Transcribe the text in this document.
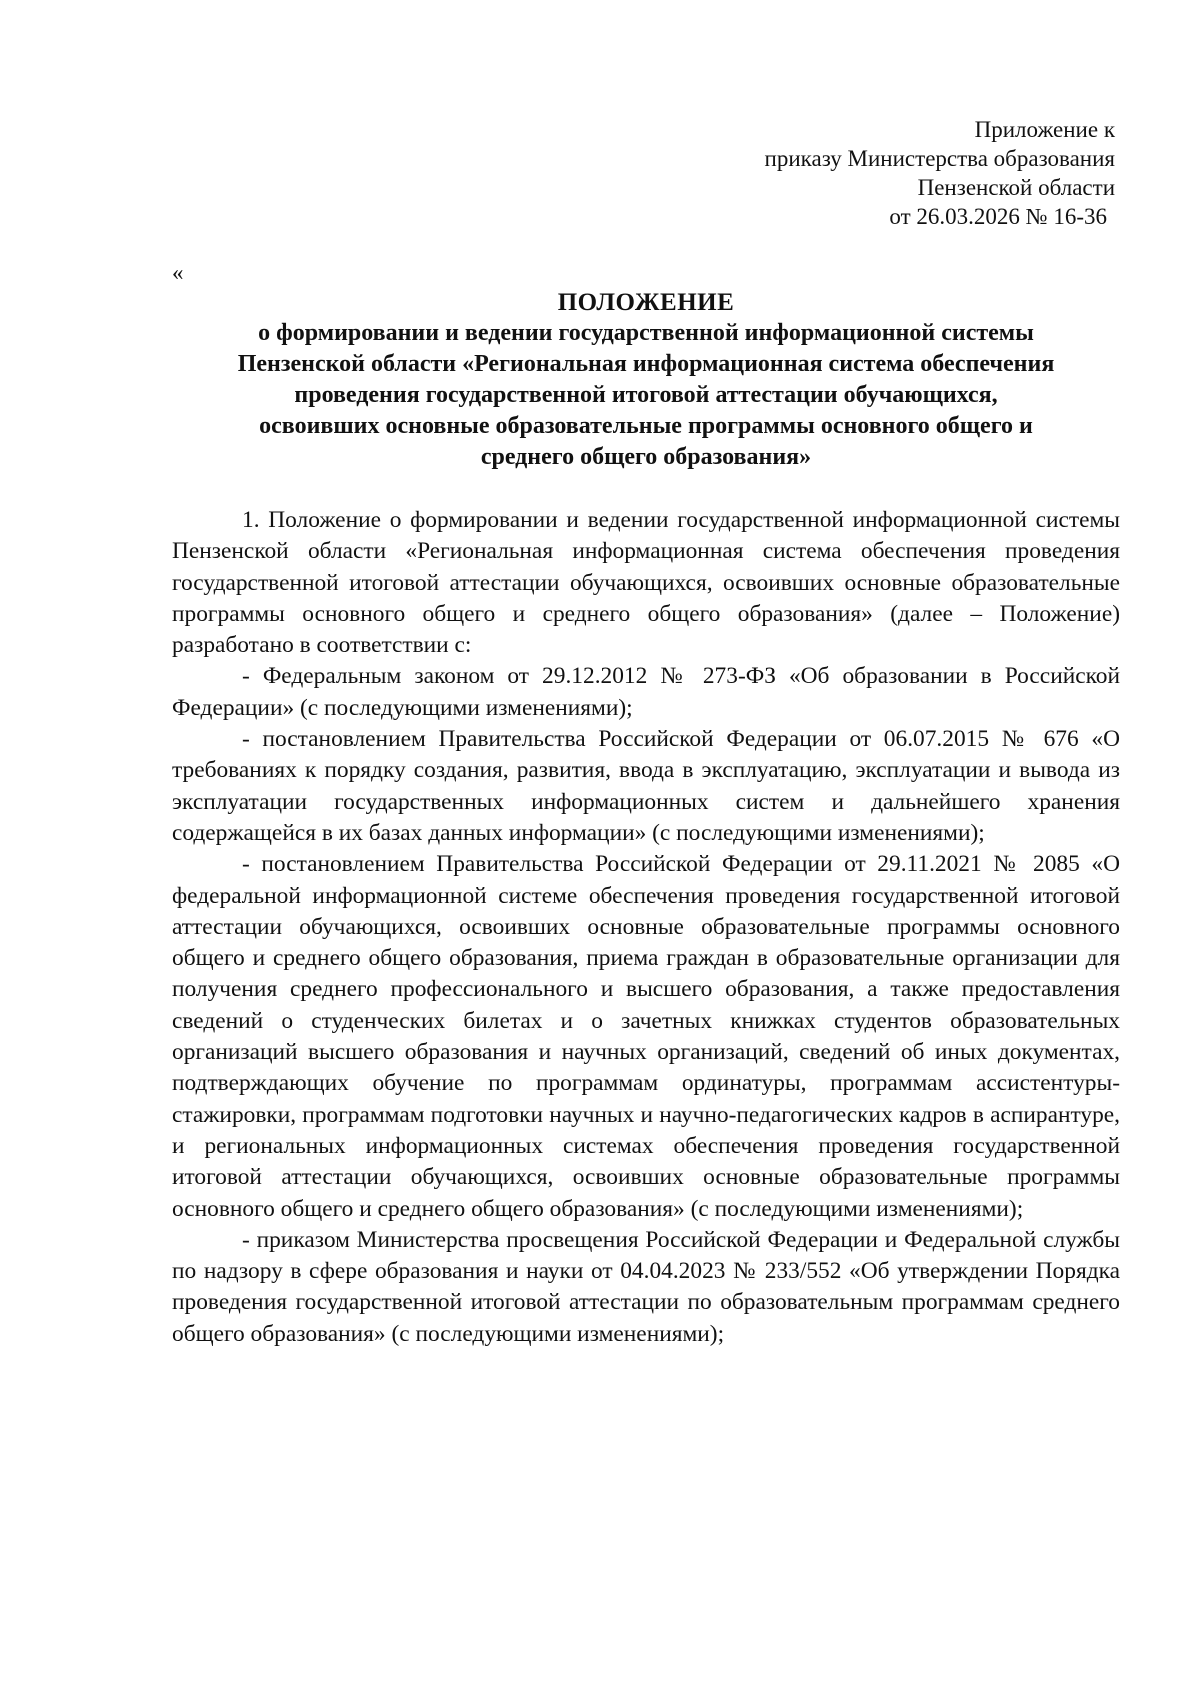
Приложение к
приказу Министерства образования
Пензенской области
от 26.03.2026 № 16-36
«
ПОЛОЖЕНИЕ
о формировании и ведении государственной информационной системы
Пензенской области «Региональная информационная система обеспечения
проведения государственной итоговой аттестации обучающихся,
освоивших основные образовательные программы основного общего и
среднего общего образования»

1. Положение о формировании и ведении государственной информационной системы Пензенской области «Региональная информационная система обеспечения проведения государственной итоговой аттестации обучающихся, освоивших основные образовательные программы основного общего и среднего общего образования» (далее – Положение) разработано в соответствии с:

- Федеральным законом от 29.12.2012 № 273-ФЗ «Об образовании в Российской Федерации» (с последующими изменениями);

- постановлением Правительства Российской Федерации от 06.07.2015 № 676 «О требованиях к порядку создания, развития, ввода в эксплуатацию, эксплуатации и вывода из эксплуатации государственных информационных систем и дальнейшего хранения содержащейся в их базах данных информации» (с последующими изменениями);

- постановлением Правительства Российской Федерации от 29.11.2021 № 2085 «О федеральной информационной системе обеспечения проведения государственной итоговой аттестации обучающихся, освоивших основные образовательные программы основного общего и среднего общего образования, приема граждан в образовательные организации для получения среднего профессионального и высшего образования, а также предоставления сведений о студенческих билетах и о зачетных книжках студентов образовательных организаций высшего образования и научных организаций, сведений об иных документах, подтверждающих обучение по программам ординатуры, программам ассистентуры-стажировки, программам подготовки научных и научно-педагогических кадров в аспирантуре, и региональных информационных системах обеспечения проведения государственной итоговой аттестации обучающихся, освоивших основные образовательные программы основного общего и среднего общего образования» (с последующими изменениями);

- приказом Министерства просвещения Российской Федерации и Федеральной службы по надзору в сфере образования и науки от 04.04.2023 № 233/552 «Об утверждении Порядка проведения государственной итоговой аттестации по образовательным программам среднего общего образования» (с последующими изменениями);
